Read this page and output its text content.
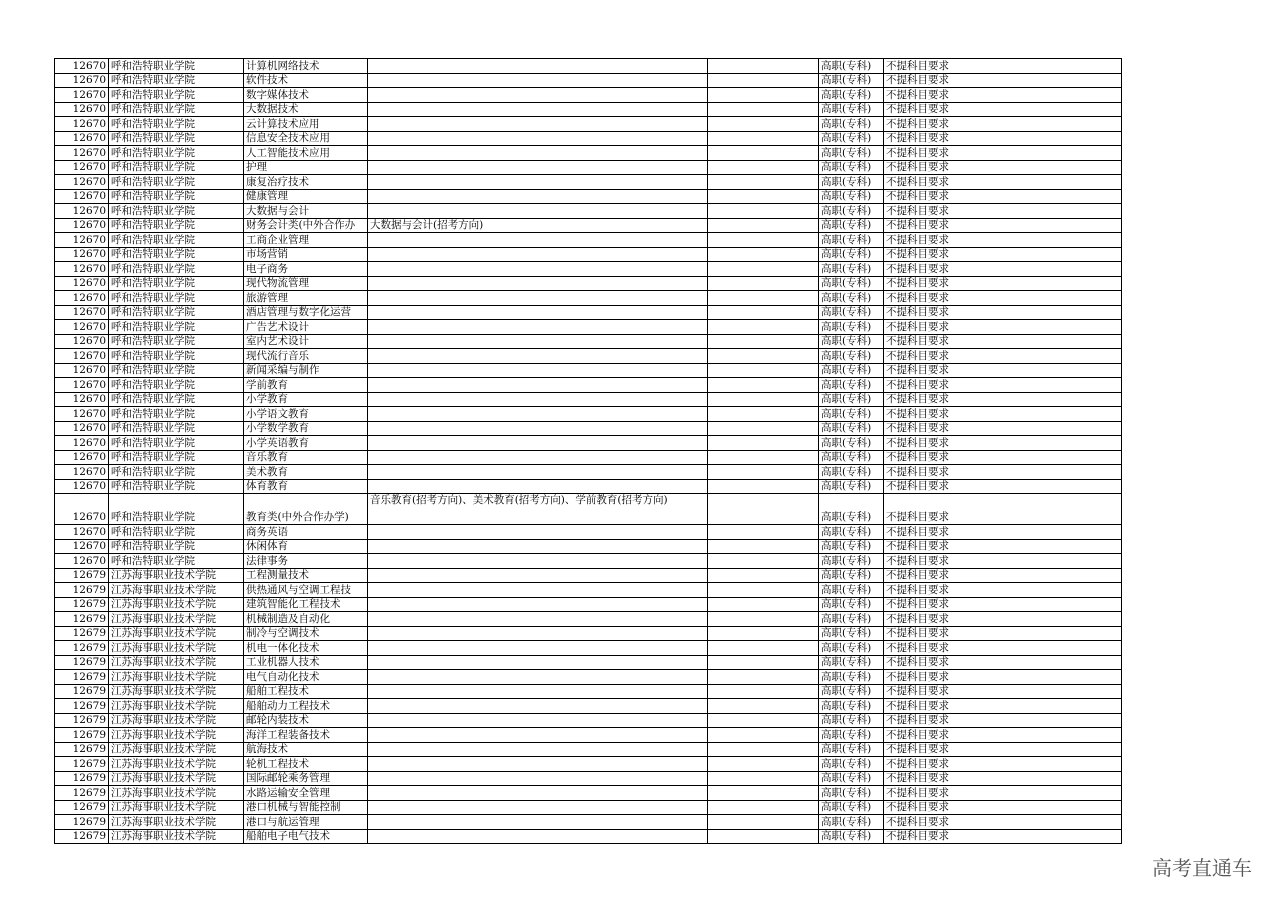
12670	呼和浩特职业学院	计算机网络技术			高职(专科)	不提科目要求
12670	呼和浩特职业学院	软件技术			高职(专科)	不提科目要求
12670	呼和浩特职业学院	数字媒体技术			高职(专科)	不提科目要求
12670	呼和浩特职业学院	大数据技术			高职(专科)	不提科目要求
12670	呼和浩特职业学院	云计算技术应用			高职(专科)	不提科目要求
12670	呼和浩特职业学院	信息安全技术应用			高职(专科)	不提科目要求
12670	呼和浩特职业学院	人工智能技术应用			高职(专科)	不提科目要求
12670	呼和浩特职业学院	护理			高职(专科)	不提科目要求
12670	呼和浩特职业学院	康复治疗技术			高职(专科)	不提科目要求
12670	呼和浩特职业学院	健康管理			高职(专科)	不提科目要求
12670	呼和浩特职业学院	大数据与会计			高职(专科)	不提科目要求
12670	呼和浩特职业学院	财务会计类(中外合作办	大数据与会计(招考方向)		高职(专科)	不提科目要求
12670	呼和浩特职业学院	工商企业管理			高职(专科)	不提科目要求
12670	呼和浩特职业学院	市场营销			高职(专科)	不提科目要求
12670	呼和浩特职业学院	电子商务			高职(专科)	不提科目要求
12670	呼和浩特职业学院	现代物流管理			高职(专科)	不提科目要求
12670	呼和浩特职业学院	旅游管理			高职(专科)	不提科目要求
12670	呼和浩特职业学院	酒店管理与数字化运营			高职(专科)	不提科目要求
12670	呼和浩特职业学院	广告艺术设计			高职(专科)	不提科目要求
12670	呼和浩特职业学院	室内艺术设计			高职(专科)	不提科目要求
12670	呼和浩特职业学院	现代流行音乐			高职(专科)	不提科目要求
12670	呼和浩特职业学院	新闻采编与制作			高职(专科)	不提科目要求
12670	呼和浩特职业学院	学前教育			高职(专科)	不提科目要求
12670	呼和浩特职业学院	小学教育			高职(专科)	不提科目要求
12670	呼和浩特职业学院	小学语文教育			高职(专科)	不提科目要求
12670	呼和浩特职业学院	小学数学教育			高职(专科)	不提科目要求
12670	呼和浩特职业学院	小学英语教育			高职(专科)	不提科目要求
12670	呼和浩特职业学院	音乐教育			高职(专科)	不提科目要求
12670	呼和浩特职业学院	美术教育			高职(专科)	不提科目要求
12670	呼和浩特职业学院	体育教育			高职(专科)	不提科目要求
12670	呼和浩特职业学院	教育类(中外合作办学)	音乐教育(招考方向)、美术教育(招考方向)、学前教育(招考方向)		高职(专科)	不提科目要求
12670	呼和浩特职业学院	商务英语			高职(专科)	不提科目要求
12670	呼和浩特职业学院	休闲体育			高职(专科)	不提科目要求
12670	呼和浩特职业学院	法律事务			高职(专科)	不提科目要求
12679	江苏海事职业技术学院	工程测量技术			高职(专科)	不提科目要求
12679	江苏海事职业技术学院	供热通风与空调工程技			高职(专科)	不提科目要求
12679	江苏海事职业技术学院	建筑智能化工程技术			高职(专科)	不提科目要求
12679	江苏海事职业技术学院	机械制造及自动化			高职(专科)	不提科目要求
12679	江苏海事职业技术学院	制冷与空调技术			高职(专科)	不提科目要求
12679	江苏海事职业技术学院	机电一体化技术			高职(专科)	不提科目要求
12679	江苏海事职业技术学院	工业机器人技术			高职(专科)	不提科目要求
12679	江苏海事职业技术学院	电气自动化技术			高职(专科)	不提科目要求
12679	江苏海事职业技术学院	船舶工程技术			高职(专科)	不提科目要求
12679	江苏海事职业技术学院	船舶动力工程技术			高职(专科)	不提科目要求
12679	江苏海事职业技术学院	邮轮内装技术			高职(专科)	不提科目要求
12679	江苏海事职业技术学院	海洋工程装备技术			高职(专科)	不提科目要求
12679	江苏海事职业技术学院	航海技术			高职(专科)	不提科目要求
12679	江苏海事职业技术学院	轮机工程技术			高职(专科)	不提科目要求
12679	江苏海事职业技术学院	国际邮轮乘务管理			高职(专科)	不提科目要求
12679	江苏海事职业技术学院	水路运输安全管理			高职(专科)	不提科目要求
12679	江苏海事职业技术学院	港口机械与智能控制			高职(专科)	不提科目要求
12679	江苏海事职业技术学院	港口与航运管理			高职(专科)	不提科目要求
12679	江苏海事职业技术学院	船舶电子电气技术			高职(专科)	不提科目要求
高考直通车
